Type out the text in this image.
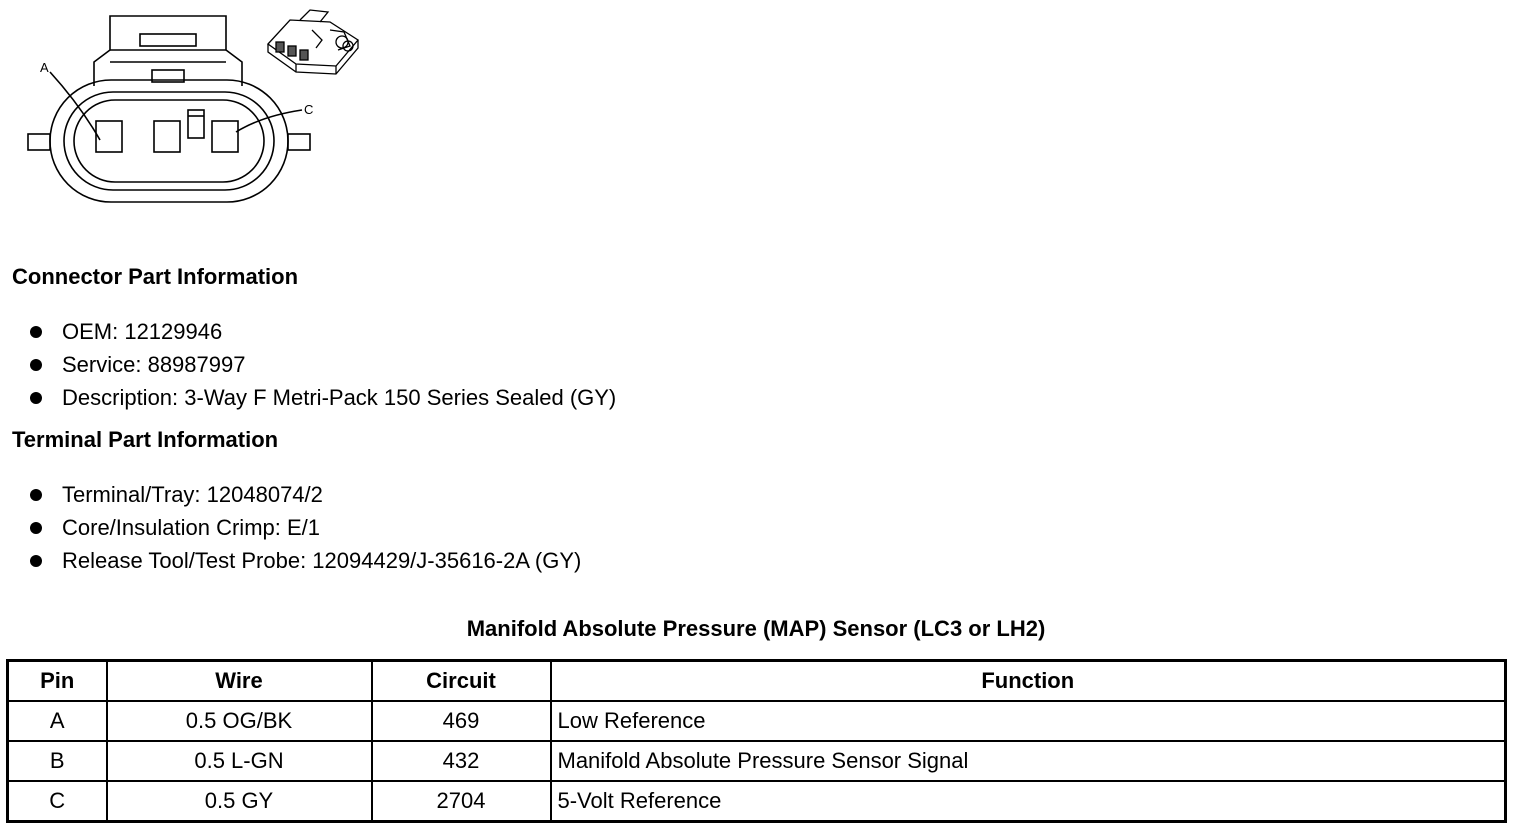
A
C
Connector Part Information
OEM: 12129946
Service: 88987997
Description: 3-Way F Metri-Pack 150 Series Sealed (GY)
Terminal Part Information
Terminal/Tray: 12048074/2
Core/Insulation Crimp: E/1
Release Tool/Test Probe: 12094429/J-35616-2A (GY)
Manifold Absolute Pressure (MAP) Sensor (LC3 or LH2)
Pin	Wire	Circuit	Function
A	0.5 OG/BK	469	Low Reference
B	0.5 L-GN	432	Manifold Absolute Pressure Sensor Signal
C	0.5 GY	2704	5-Volt Reference
